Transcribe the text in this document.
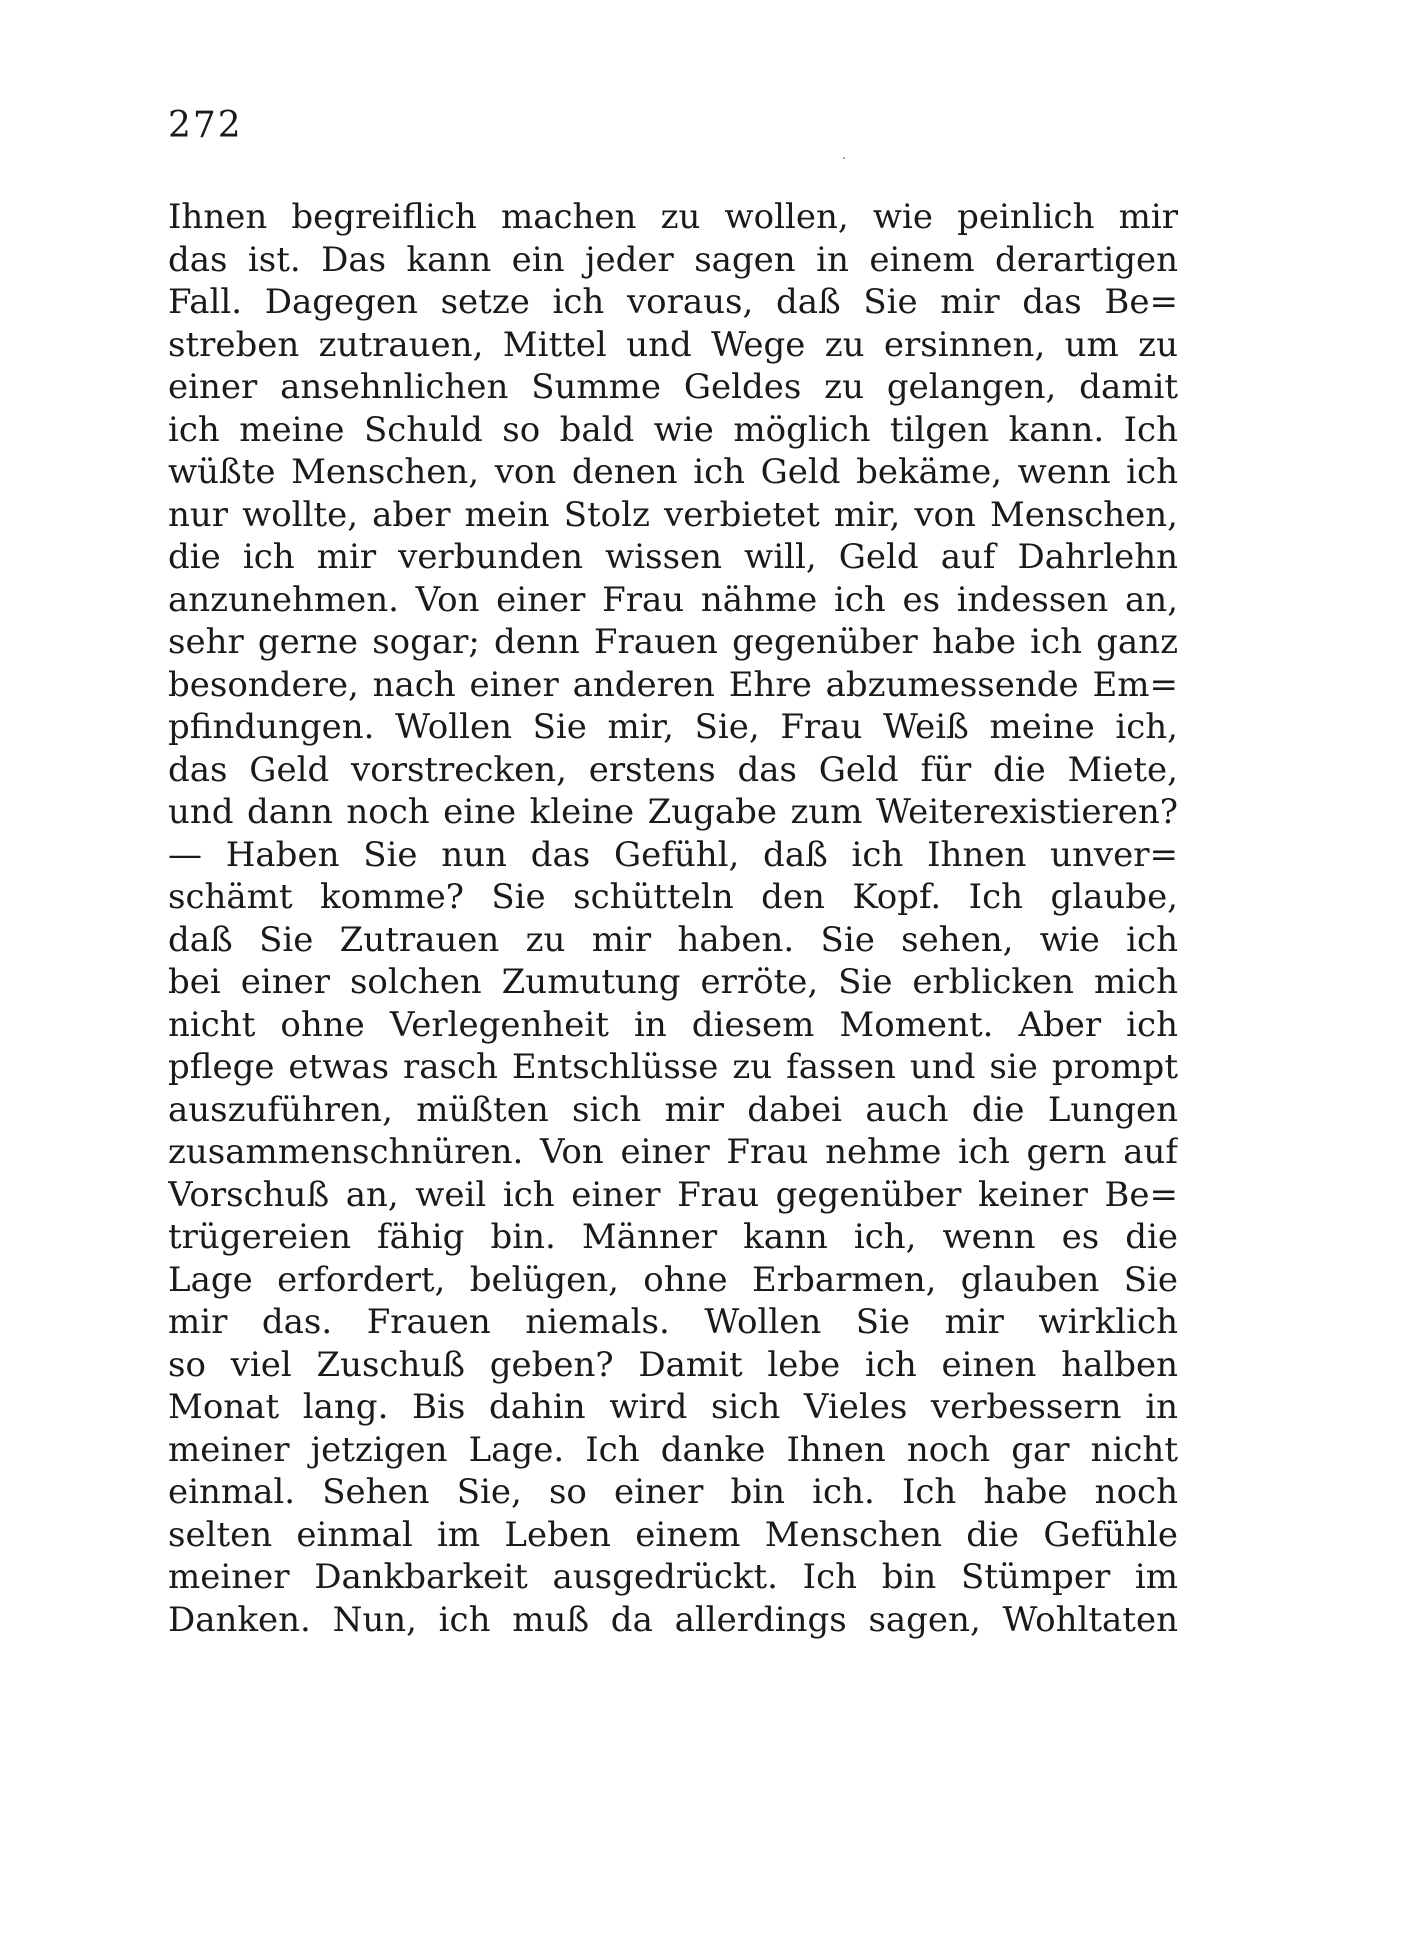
272
Ihnen begreiflich machen zu wollen, wie peinlich mir
das ist. Das kann ein jeder sagen in einem derartigen
Fall. Dagegen setze ich voraus, daß Sie mir das Be=
streben zutrauen, Mittel und Wege zu ersinnen, um zu
einer ansehnlichen Summe Geldes zu gelangen, damit
ich meine Schuld so bald wie möglich tilgen kann. Ich
wüßte Menschen, von denen ich Geld bekäme, wenn ich
nur wollte, aber mein Stolz verbietet mir, von Menschen,
die ich mir verbunden wissen will, Geld auf Dahrlehn
anzunehmen. Von einer Frau nähme ich es indessen an,
sehr gerne sogar; denn Frauen gegenüber habe ich ganz
besondere, nach einer anderen Ehre abzumessende Em=
pfindungen. Wollen Sie mir, Sie, Frau Weiß meine ich,
das Geld vorstrecken, erstens das Geld für die Miete,
und dann noch eine kleine Zugabe zum Weiterexistieren?
— Haben Sie nun das Gefühl, daß ich Ihnen unver=
schämt komme? Sie schütteln den Kopf. Ich glaube,
daß Sie Zutrauen zu mir haben. Sie sehen, wie ich
bei einer solchen Zumutung erröte, Sie erblicken mich
nicht ohne Verlegenheit in diesem Moment. Aber ich
pflege etwas rasch Entschlüsse zu fassen und sie prompt
auszuführen, müßten sich mir dabei auch die Lungen
zusammenschnüren. Von einer Frau nehme ich gern auf
Vorschuß an, weil ich einer Frau gegenüber keiner Be=
trügereien fähig bin. Männer kann ich, wenn es die
Lage erfordert, belügen, ohne Erbarmen, glauben Sie
mir das. Frauen niemals. Wollen Sie mir wirklich
so viel Zuschuß geben? Damit lebe ich einen halben
Monat lang. Bis dahin wird sich Vieles verbessern in
meiner jetzigen Lage. Ich danke Ihnen noch gar nicht
einmal. Sehen Sie, so einer bin ich. Ich habe noch
selten einmal im Leben einem Menschen die Gefühle
meiner Dankbarkeit ausgedrückt. Ich bin Stümper im
Danken. Nun, ich muß da allerdings sagen, Wohltaten
